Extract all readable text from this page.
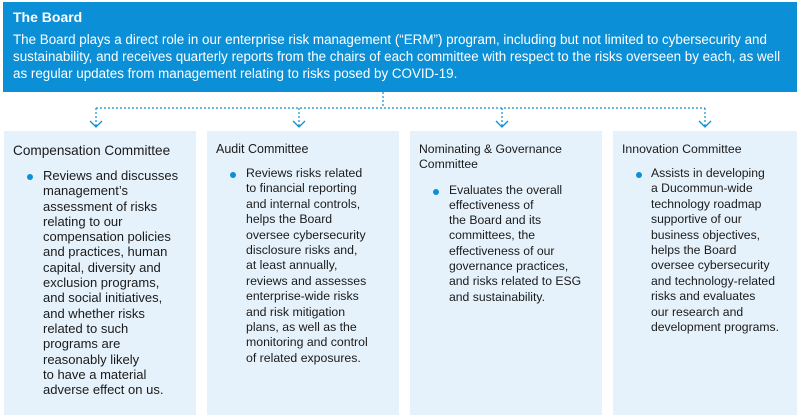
The Board
The Board plays a direct role in our enterprise risk management (“ERM”) program, including but not limited to cybersecurity and sustainability, and receives quarterly reports from the chairs of each committee with respect to the risks overseen by each, as well as regular updates from management relating to risks posed by COVID-19.
Compensation Committee
Reviews and discusses
management’s
assessment of risks
relating to our
compensation policies
and practices, human
capital, diversity and
exclusion programs,
and social initiatives,
and whether risks
related to such
programs are
reasonably likely
to have a material
adverse effect on us.
Audit Committee
Reviews risks related
to financial reporting
and internal controls,
helps the Board
oversee cybersecurity
disclosure risks and,
at least annually,
reviews and assesses
enterprise-wide risks
and risk mitigation
plans, as well as the
monitoring and control
of related exposures.
Nominating & Governance
Committee
Evaluates the overall
effectiveness of
the Board and its
committees, the
effectiveness of our
governance practices,
and risks related to ESG
and sustainability.
Innovation Committee
Assists in developing
a Ducommun-wide
technology roadmap
supportive of our
business objectives,
helps the Board
oversee cybersecurity
and technology-related
risks and evaluates
our research and
development programs.
